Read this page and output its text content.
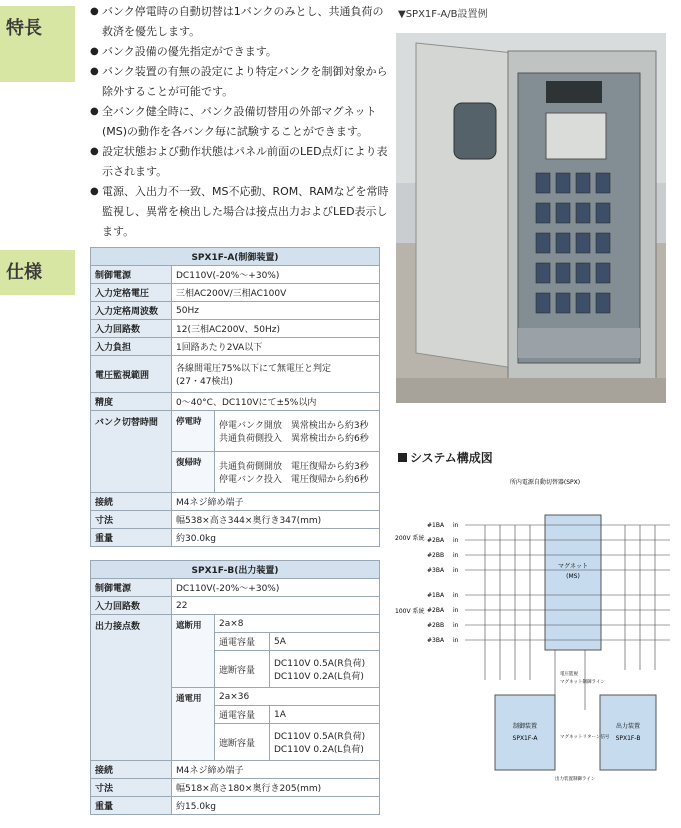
特長
● バンク停電時の自動切替は1バンクのみとし、共通負荷の救済を優先します。
● バンク設備の優先指定ができます。
● バンク装置の有無の設定により特定バンクを制御対象から除外することが可能です。
● 全バンク健全時に、バンク設備切替用の外部マグネット(MS)の動作を各バンク毎に試験することができます。
● 設定状態および動作状態はパネル前面のLED点灯により表示されます。
● 電源、入出力不一致、MS不応動、ROM、RAMなどを常時監視し、異常を検出した場合は接点出力およびLED表示します。
仕様
SPX1F-A(制御装置)		
制御電源	DC110V(-20%〜+30%)	
入力定格電圧	三相AC200V/三相AC100V	
入力定格周波数	50Hz	
入力回路数	12(三相AC200V、50Hz)	
入力負担	1回路あたり2VA以下	
電圧監視範囲	各線間電圧75%以下にて無電圧と判定
(27・47検出)	

精度	0〜40°C、DC110Vにて±5%以内	
バンク切替時間	停電時	停電バンク開放　異常検出から約3秒
共通負荷側投入　異常検出から約6秒

	復帰時	共通負荷側開放　電圧復帰から約3秒
停電バンク投入　電圧復帰から約6秒

接続	M4ネジ締め端子	
寸法	幅538×高さ344×奥行き347(mm)	
重量	約30.0kg	
SPX1F-B(出力装置)			
制御電源	DC110V(-20%〜+30%)		
入力回路数	22		
出力接点数	遮断用	2a×8	
		通電容量	5A
		遮断容量	DC110V 0.5A(R負荷)
DC110V 0.2A(L負荷)

	通電用	2a×36	
		通電容量	1A
		遮断容量	DC110V 0.5A(R負荷)
DC110V 0.2A(L負荷)

接続	M4ネジ締め端子		
寸法	幅518×高さ180×奥行き205(mm)		
重量	約15.0kg		
▼SPX1F-A/B設置例
システム構成図
所内電源自動切替器(SPX)
マグネット
(MS)
200V 系統
100V 系統
#1BA
#2BA
#2BB
#3BA
#1BA
#2BA
#2BB
#3BA
in
in
in
in
in
in
in
in
制御装置
SPX1F-A
出力装置
SPX1F-B
電圧監視
マグネット制御ライン
マグネットリターン信号
出力装置制御ライン
